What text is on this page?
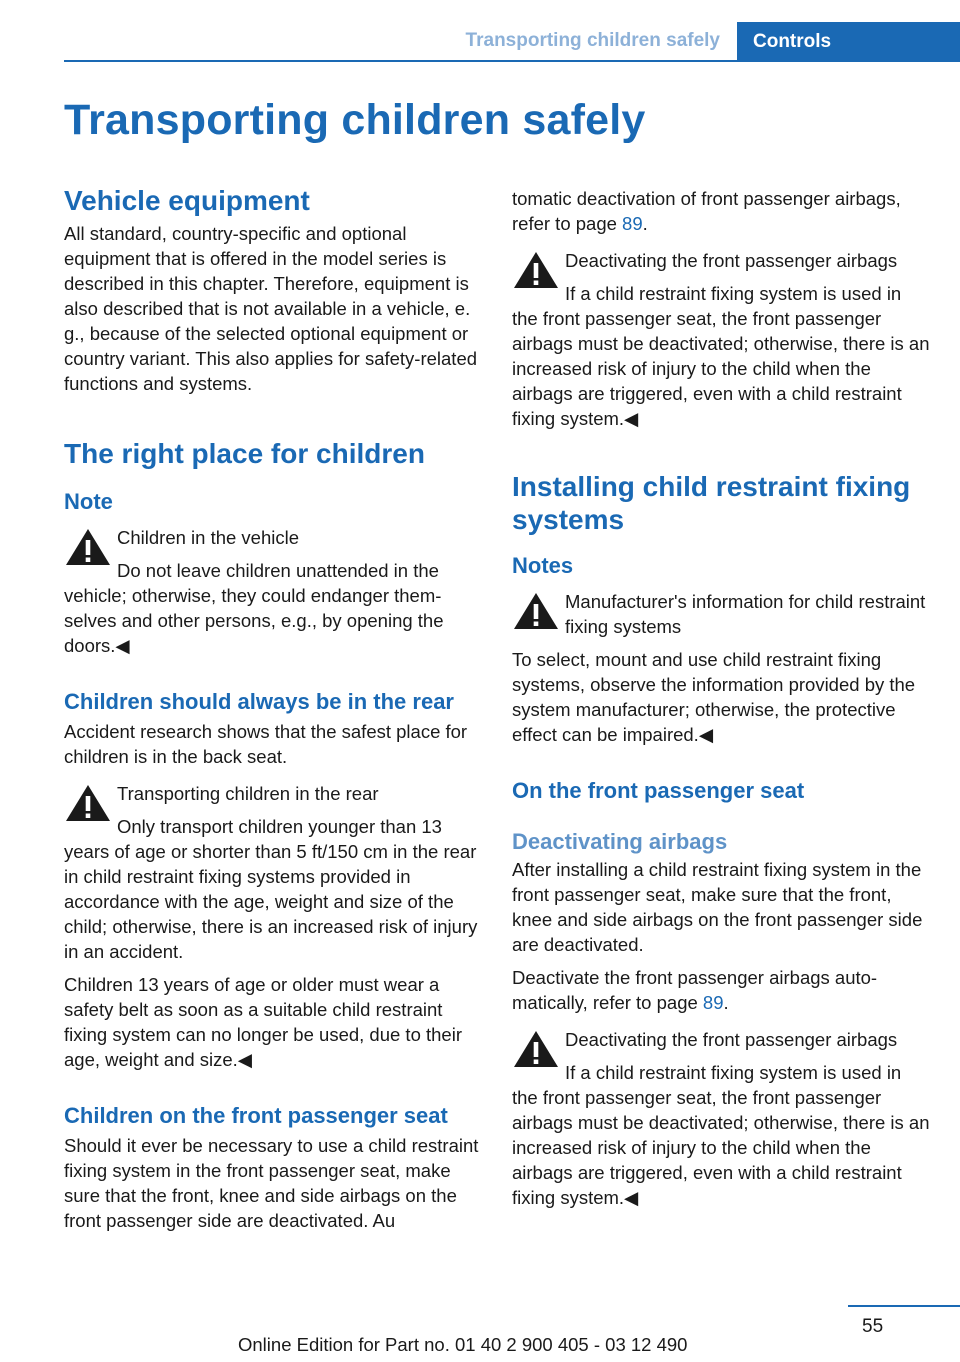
Transporting children safely Controls
Transporting children safely
Vehicle equipment

All standard, country-specific and optional equipment that is offered in the model series is described in this chapter. Therefore, equipment is also described that is not available in a vehicle, e. g., because of the selected optional equipment or country variant. This also applies for safety-related functions and systems.

The right place for children
Note
Children in the vehicle
Do not leave children unattended in the vehicle; otherwise, they could endanger themselves and other persons, e.g., by opening the doors.◀
Children should always be in the rear

Accident research shows that the safest place for children is in the back seat.

Transporting children in the rear
Only transport children younger than 13 years of age or shorter than 5 ft/150 cm in the rear in child restraint fixing systems provided in accordance with the age, weight and size of the child; otherwise, there is an increased risk of injury in an accident.

Children 13 years of age or older must wear a safety belt as soon as a suitable child restraint fixing system can no longer be used, due to their age, weight and size.◀

Children on the front passenger seat

Should it ever be necessary to use a child restraint fixing system in the front passenger seat, make sure that the front, knee and side airbags on the front passenger side are deactivated. Au

tomatic deactivation of front passenger airbags, refer to page 89.

Deactivating the front passenger airbags
If a child restraint fixing system is used in the front passenger seat, the front passenger airbags must be deactivated; otherwise, there is an increased risk of injury to the child when the airbags are triggered, even with a child restraint fixing system.◀
Installing child restraint fixing systems
Notes
Manufacturer's information for child restraint fixing systems
To select, mount and use child restraint fixing systems, observe the information provided by the system manufacturer; otherwise, the protective effect can be impaired.◀
On the front passenger seat
Deactivating airbags

After installing a child restraint fixing system in the front passenger seat, make sure that the front, knee and side airbags on the front passenger side are deactivated.

Deactivate the front passenger airbags automatically, refer to page 89.

Deactivating the front passenger airbags
If a child restraint fixing system is used in the front passenger seat, the front passenger airbags must be deactivated; otherwise, there is an increased risk of injury to the child when the airbags are triggered, even with a child restraint fixing system.◀
55
Online Edition for Part no. 01 40 2 900 405 - 03 12 490
